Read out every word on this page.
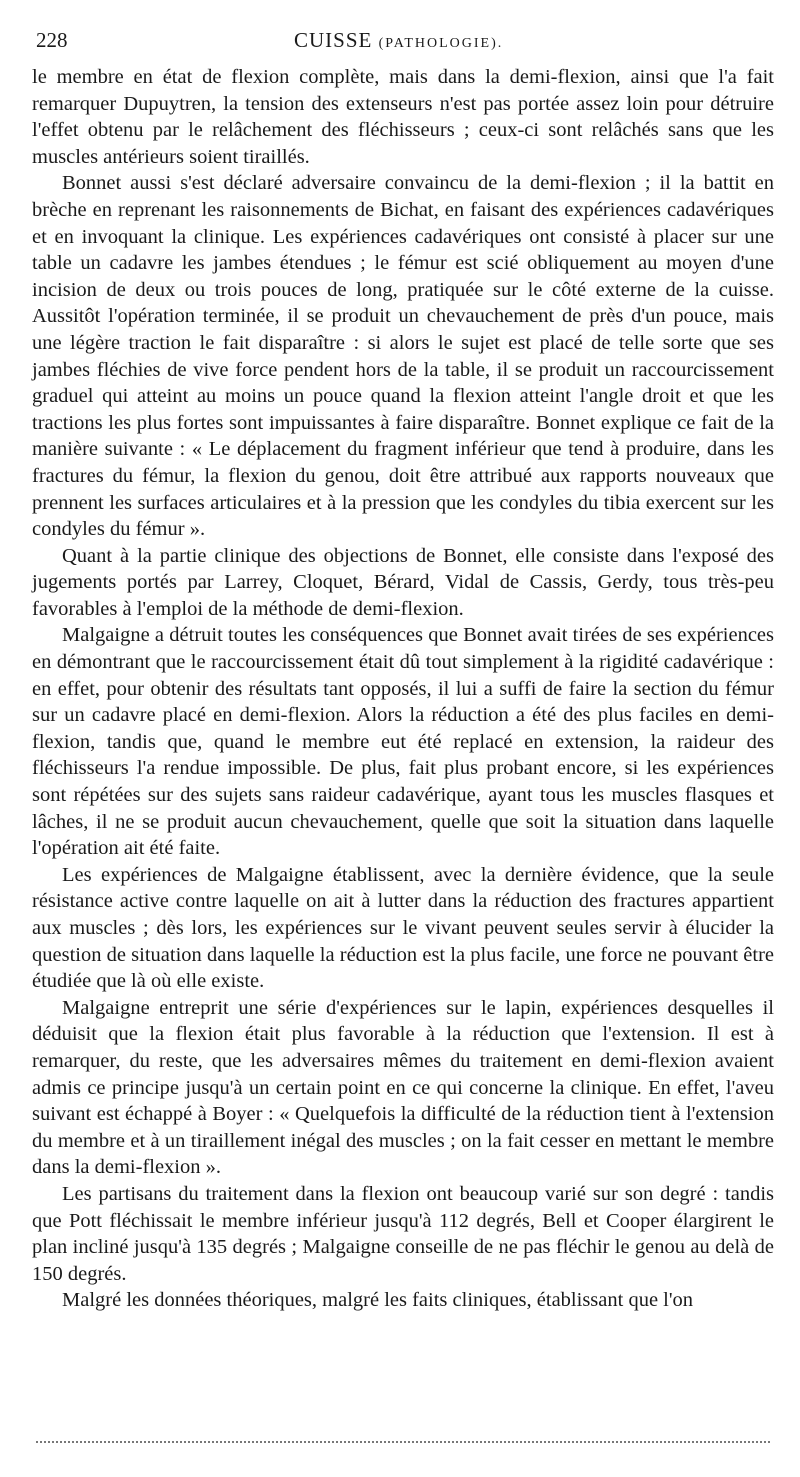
228	CUISSE (PATHOLOGIE).

le membre en état de flexion complète, mais dans la demi-flexion, ainsi que l'a fait remarquer Dupuytren, la tension des extenseurs n'est pas portée assez loin pour détruire l'effet obtenu par le relâchement des fléchisseurs ; ceux-ci sont relâchés sans que les muscles antérieurs soient tiraillés.

Bonnet aussi s'est déclaré adversaire convaincu de la demi-flexion ; il la battit en brèche en reprenant les raisonnements de Bichat, en faisant des expériences cadavériques et en invoquant la clinique. Les expériences cadavériques ont consisté à placer sur une table un cadavre les jambes étendues ; le fémur est scié obliquement au moyen d'une incision de deux ou trois pouces de long, pratiquée sur le côté externe de la cuisse. Aussitôt l'opération terminée, il se produit un chevauchement de près d'un pouce, mais une légère traction le fait disparaître : si alors le sujet est placé de telle sorte que ses jambes fléchies de vive force pendent hors de la table, il se produit un raccourcissement graduel qui atteint au moins un pouce quand la flexion atteint l'angle droit et que les tractions les plus fortes sont impuissantes à faire disparaître. Bonnet explique ce fait de la manière suivante : « Le déplacement du fragment inférieur que tend à produire, dans les fractures du fémur, la flexion du genou, doit être attribué aux rapports nouveaux que prennent les surfaces articulaires et à la pression que les condyles du tibia exercent sur les condyles du fémur ».

Quant à la partie clinique des objections de Bonnet, elle consiste dans l'exposé des jugements portés par Larrey, Cloquet, Bérard, Vidal de Cassis, Gerdy, tous très-peu favorables à l'emploi de la méthode de demi-flexion.

Malgaigne a détruit toutes les conséquences que Bonnet avait tirées de ses expériences en démontrant que le raccourcissement était dû tout simplement à la rigidité cadavérique : en effet, pour obtenir des résultats tant opposés, il lui a suffi de faire la section du fémur sur un cadavre placé en demi-flexion. Alors la réduction a été des plus faciles en demi-flexion, tandis que, quand le membre eut été replacé en extension, la raideur des fléchisseurs l'a rendue impossible. De plus, fait plus probant encore, si les expériences sont répétées sur des sujets sans raideur cadavérique, ayant tous les muscles flasques et lâches, il ne se produit aucun chevauchement, quelle que soit la situation dans laquelle l'opération ait été faite.

Les expériences de Malgaigne établissent, avec la dernière évidence, que la seule résistance active contre laquelle on ait à lutter dans la réduction des fractures appartient aux muscles ; dès lors, les expériences sur le vivant peuvent seules servir à élucider la question de situation dans laquelle la réduction est la plus facile, une force ne pouvant être étudiée que là où elle existe.

Malgaigne entreprit une série d'expériences sur le lapin, expériences desquelles il déduisit que la flexion était plus favorable à la réduction que l'extension. Il est à remarquer, du reste, que les adversaires mêmes du traitement en demi-flexion avaient admis ce principe jusqu'à un certain point en ce qui concerne la clinique. En effet, l'aveu suivant est échappé à Boyer : « Quelquefois la difficulté de la réduction tient à l'extension du membre et à un tiraillement inégal des muscles ; on la fait cesser en mettant le membre dans la demi-flexion ».

Les partisans du traitement dans la flexion ont beaucoup varié sur son degré : tandis que Pott fléchissait le membre inférieur jusqu'à 112 degrés, Bell et Cooper élargirent le plan incliné jusqu'à 135 degrés ; Malgaigne conseille de ne pas fléchir le genou au delà de 150 degrés.

Malgré les données théoriques, malgré les faits cliniques, établissant que l'on
